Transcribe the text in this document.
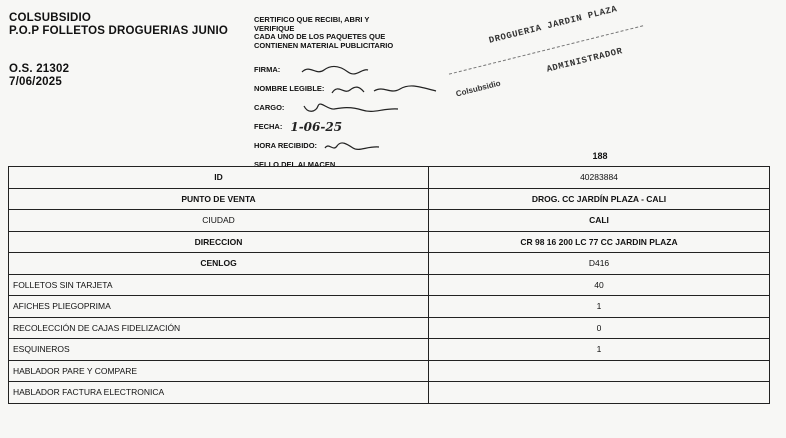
COLSUBSIDIO
P.O.P FOLLETOS DROGUERIAS JUNIO
O.S. 21302
7/06/2025
CERTIFICO QUE RECIBI, ABRI Y
VERIFIQUE
CADA UNO DE LOS PAQUETES QUE
CONTIENEN MATERIAL PUBLICITARIO
FIRMA:
NOMBRE LEGIBLE:
CARGO:
FECHA: 1-06-25
HORA RECIBIDO:
SELLO DEL ALMACEN
DROGUERIA JARDIN PLAZA
Colsubsidio
ADMINISTRADOR
188
ID	40283884
PUNTO DE VENTA	DROG. CC JARDÍN PLAZA - CALI
CIUDAD	CALI
DIRECCION	CR 98 16 200 LC 77 CC JARDIN PLAZA
CENLOG	D416
FOLLETOS SIN TARJETA	40
AFICHES PLIEGOPRIMA	1
RECOLECCIÓN DE CAJAS FIDELIZACIÓN	0
ESQUINEROS	1
HABLADOR PARE Y COMPARE	
HABLADOR FACTURA ELECTRONICA	
